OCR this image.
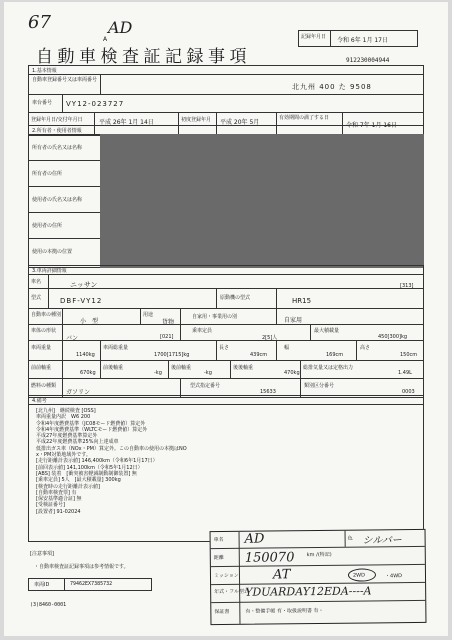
67	AD
A
自動車検査証記録事項
記録年月日 令和 6年 1月 17日
912230004944
1.基本情報
自動車登録番号又は車両番号
北九州 400 た 9508
車台番号 VY12-023727
登録年月日/交付年月日	平成 26年 1月 14日	初度登録年月 平成 20年 5月
有効期間の満了する日
令和 7年 1月 16日
2.所有者・使用者情報
所有者の氏名又は名称
所有者の住所
使用者の氏名又は名称
使用者の住所
使用の本拠の位置
3.車両詳細情報
車名	ニッサン	[313]
型式	DBF-VY12	原動機の型式	HR15
自動車の種別
小　型
用途
貨物
自家用・事業用の別	自家用
車体の形状
バン	[021]
乗車定員
2[5]人
最大積載量
450[300]kg
車両重量
1140kg
車両総重量
1700[1715]kg
長さ
439cm
幅
169cm
高さ
150cm
前前軸重
670kg
前後軸重
-kg
後前軸重
-kg
後後軸重
470kg
総排気量又は定格出力
1.49L
燃料の種類
ガソリン
型式指定番号
15633
類別区分番号
0003
4.備考
[北九州]　継続検査 [OSS]
車両重量内訳　W6 200
令和4年度燃費基準（JC08モード燃費値）算定外
令和4年度燃費基準（WLTCモード燃費値）算定外
平成27年度燃費基準算定外
平成22年度燃費基準25%向上達成車
低排出ガス車（NOx・PM）算定外。この自動車の使用の本拠はNO
x・PM対策地域外です。
[走行距離計表示値] 146,400km（令和6年1月17日）
[前回表示値] 141,100km（令和5年1月12日）
[ABS] 装着　[衝突被害軽減制動制御装置] 無
[乗車定員] 5人　[最大積載量] 300kg
[検査時の走行距離計表示値]
[自動車検査票] 有
[保安基準適合証] 無
[受検証番号]
[設置者] 91-02024
[注意事項]
・自動車検査証記録事項は参考情報です。
車両ID	79462EX7385732
(3)8460-0001
車名 AD	色 シルバー
距離 150070 km /(特記)
ミッション	AT	2WD	・4WD
年式・フル型式
YDUARDAY12EDA----A
保証書	有・整備手帳 有・取扱説明書 有・
